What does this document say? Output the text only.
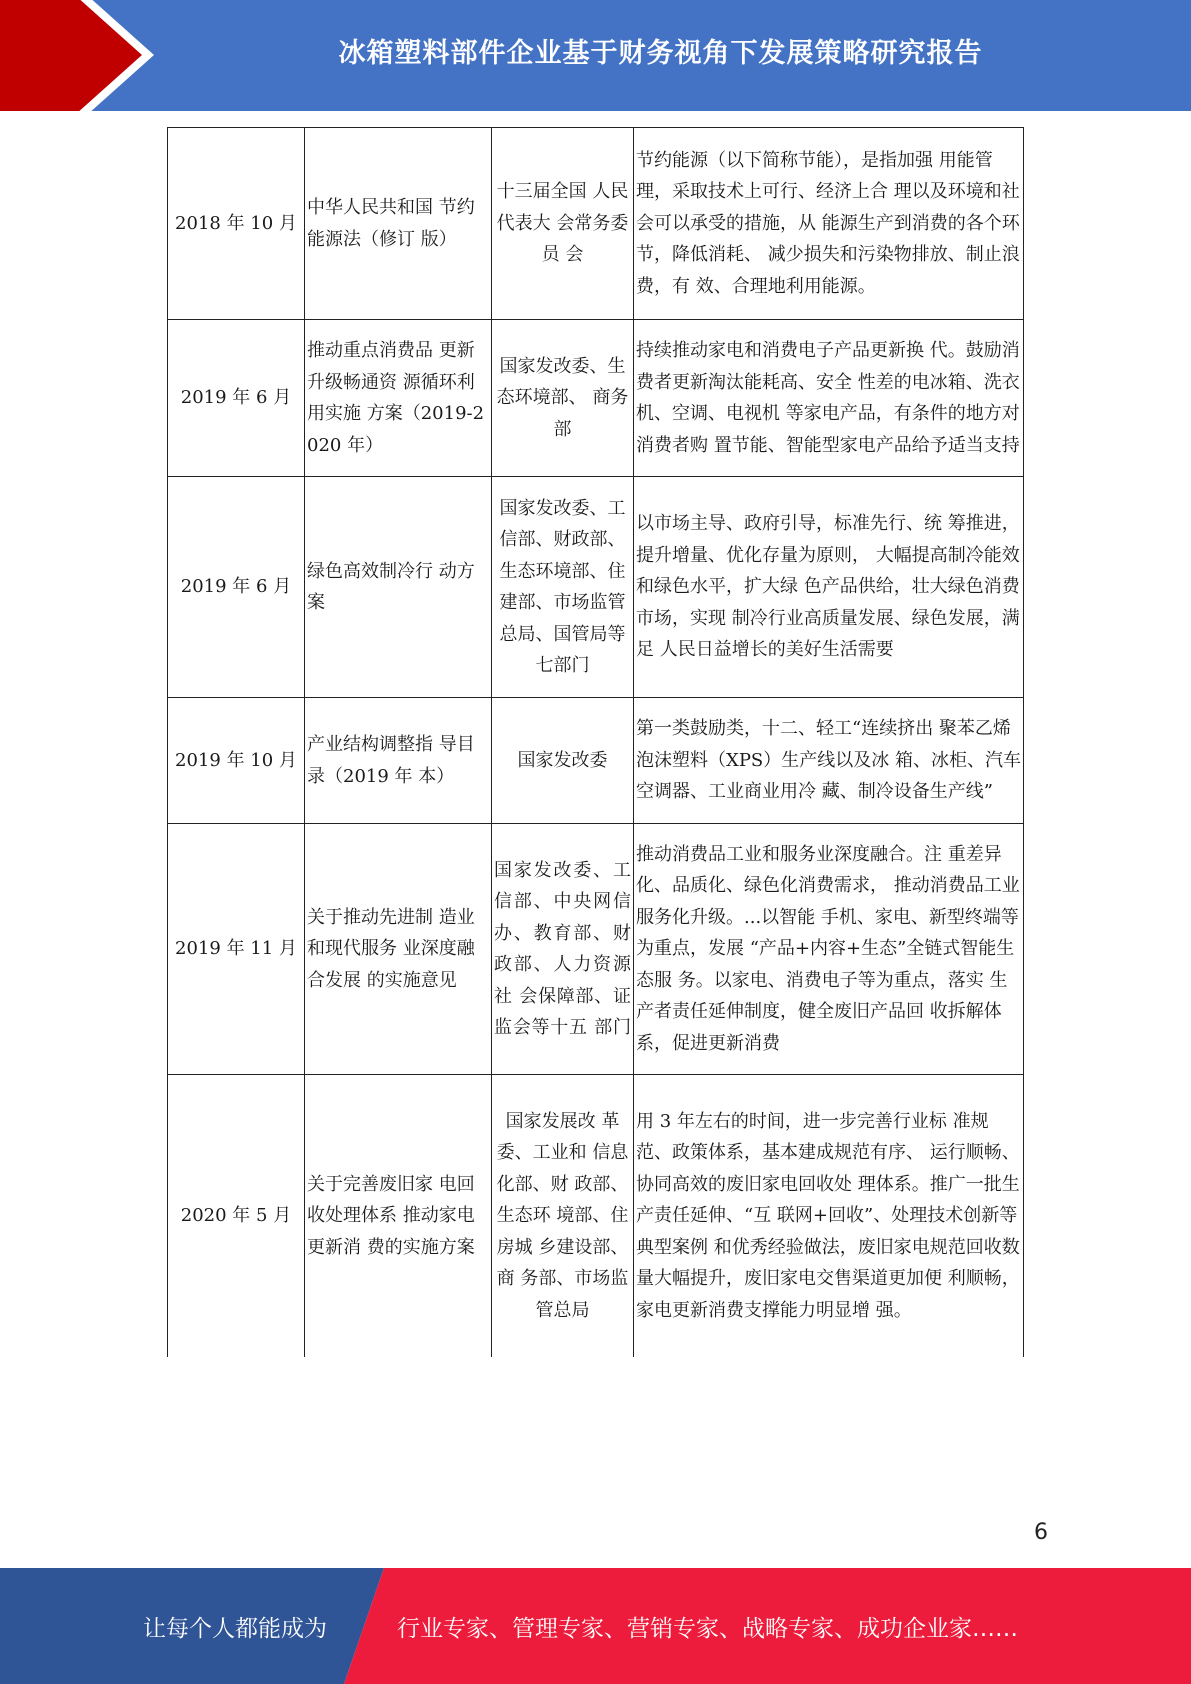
冰箱塑料部件企业基于财务视角下发展策略研究报告
2018 年 10 月	中华人民共和国 节约能源法（修订 版）	十三届全国 人民代表大 会常务委员 会	节约能源（以下简称节能），是指加强 用能管理，采取技术上可行、经济上合 理以及环境和社会可以承受的措施，从 能源生产到消费的各个环节，降低消耗、 减少损失和污染物排放、制止浪费，有 效、合理地利用能源。
2019 年 6 月	推动重点消费品 更新升级畅通资 源循环利用实施 方案（2019-2020 年）	国家发改委、生态环境部、 商务部	持续推动家电和消费电子产品更新换 代。鼓励消费者更新淘汰能耗高、安全 性差的电冰箱、洗衣机、空调、电视机 等家电产品，有条件的地方对消费者购 置节能、智能型家电产品给予适当支持
2019 年 6 月	绿色高效制冷行 动方案	国家发改委、工信部、财政部、生态环境部、住建部、市场监管总局、国管局等七部门	以市场主导、政府引导，标准先行、统 筹推进，提升增量、优化存量为原则， 大幅提高制冷能效和绿色水平，扩大绿 色产品供给，壮大绿色消费市场，实现 制冷行业高质量发展、绿色发展，满足 人民日益增长的美好生活需要
2019 年 10 月	产业结构调整指 导目录（2019 年 本）	国家发改委	第一类鼓励类，十二、轻工“连续挤出 聚苯乙烯泡沫塑料（XPS）生产线以及冰 箱、冰柜、汽车空调器、工业商业用冷 藏、制冷设备生产线”
2019 年 11 月	关于推动先进制 造业和现代服务 业深度融合发展 的实施意见	国家发改委、工信部、中央网信办、教育部、财政部、人力资源社 会保障部、证 监会等十五 部门	推动消费品工业和服务业深度融合。注 重差异化、品质化、绿色化消费需求， 推动消费品工业服务化升级。...以智能 手机、家电、新型终端等为重点，发展 “产品+内容+生态”全链式智能生态服 务。以家电、消费电子等为重点，落实 生产者责任延伸制度，健全废旧产品回 收拆解体系，促进更新消费
2020 年 5 月	关于完善废旧家 电回收处理体系 推动家电更新消 费的实施方案	国家发展改 革委、工业和 信息化部、财 政部、生态环 境部、住房城 乡建设部、商 务部、市场监 管总局	用 3 年左右的时间，进一步完善行业标 准规范、政策体系，基本建成规范有序、 运行顺畅、协同高效的废旧家电回收处 理体系。推广一批生产责任延伸、“互 联网+回收”、处理技术创新等典型案例 和优秀经验做法，废旧家电规范回收数 量大幅提升，废旧家电交售渠道更加便 利顺畅，家电更新消费支撑能力明显增 强。
6
让每个人都能成为	行业专家、管理专家、营销专家、战略专家、成功企业家……
